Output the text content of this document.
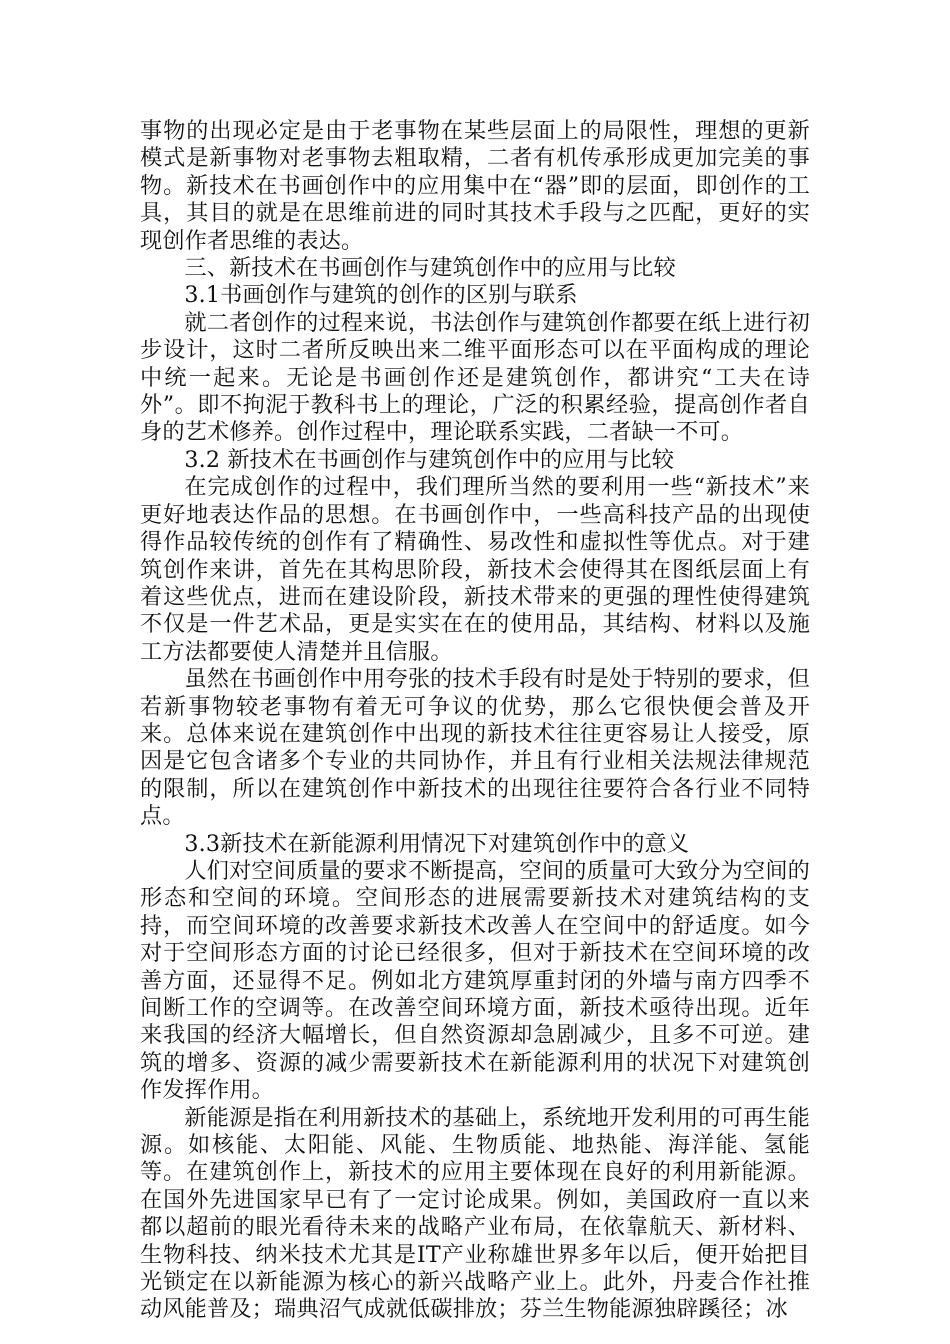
事物的出现必定是由于老事物在某些层面上的局限性，理想的更新模式是新事物对老事物去粗取精，二者有机传承形成更加完美的事物。新技术在书画创作中的应用集中在“器”即的层面，即创作的工具，其目的就是在思维前进的同时其技术手段与之匹配，更好的实现创作者思维的表达。

三、新技术在书画创作与建筑创作中的应用与比较

3.1书画创作与建筑的创作的区别与联系

就二者创作的过程来说，书法创作与建筑创作都要在纸上进行初步设计，这时二者所反映出来二维平面形态可以在平面构成的理论中统一起来。无论是书画创作还是建筑创作，都讲究“工夫在诗外”。即不拘泥于教科书上的理论，广泛的积累经验，提高创作者自身的艺术修养。创作过程中，理论联系实践，二者缺一不可。

3.2 新技术在书画创作与建筑创作中的应用与比较

在完成创作的过程中，我们理所当然的要利用一些“新技术”来更好地表达作品的思想。在书画创作中，一些高科技产品的出现使得作品较传统的创作有了精确性、易改性和虚拟性等优点。对于建筑创作来讲，首先在其构思阶段，新技术会使得其在图纸层面上有着这些优点，进而在建设阶段，新技术带来的更强的理性使得建筑不仅是一件艺术品，更是实实在在的使用品，其结构、材料以及施工方法都要使人清楚并且信服。

虽然在书画创作中用夸张的技术手段有时是处于特别的要求，但若新事物较老事物有着无可争议的优势，那么它很快便会普及开来。总体来说在建筑创作中出现的新技术往往更容易让人接受，原因是它包含诸多个专业的共同协作，并且有行业相关法规法律规范的限制，所以在建筑创作中新技术的出现往往要符合各行业不同特点。

3.3新技术在新能源利用情况下对建筑创作中的意义

人们对空间质量的要求不断提高，空间的质量可大致分为空间的形态和空间的环境。空间形态的进展需要新技术对建筑结构的支持，而空间环境的改善要求新技术改善人在空间中的舒适度。如今对于空间形态方面的讨论已经很多，但对于新技术在空间环境的改善方面，还显得不足。例如北方建筑厚重封闭的外墙与南方四季不间断工作的空调等。在改善空间环境方面，新技术亟待出现。近年来我国的经济大幅增长，但自然资源却急剧减少，且多不可逆。建筑的增多、资源的减少需要新技术在新能源利用的状况下对建筑创作发挥作用。

新能源是指在利用新技术的基础上，系统地开发利用的可再生能源。如核能、太阳能、风能、生物质能、地热能、海洋能、氢能等。在建筑创作上，新技术的应用主要体现在良好的利用新能源。在国外先进国家早已有了一定讨论成果。例如，美国政府一直以来都以超前的眼光看待未来的战略产业布局，在依靠航天、新材料、生物科技、纳米技术尤其是IT产业称雄世界多年以后，便开始把目光锁定在以新能源为核心的新兴战略产业上。此外，丹麦合作社推动风能普及；瑞典沼气成就低碳排放；芬兰生物能源独辟蹊径；冰
